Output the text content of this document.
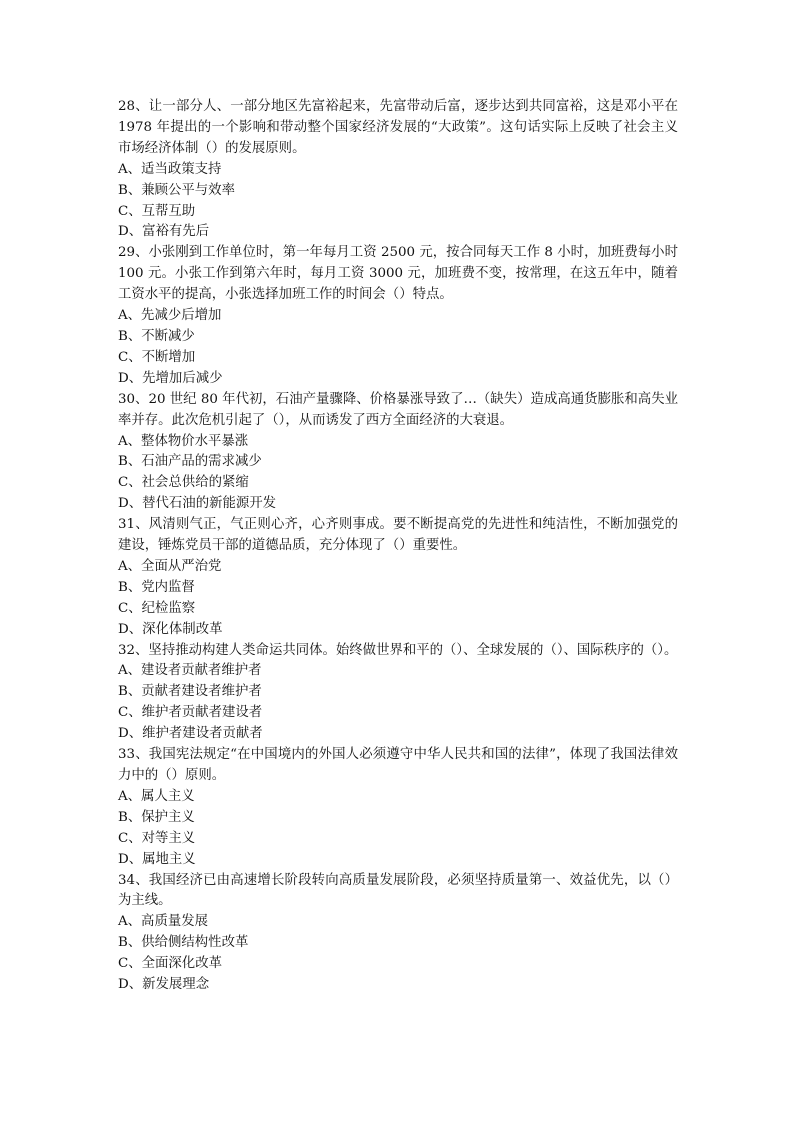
28、让一部分人、一部分地区先富裕起来，先富带动后富，逐步达到共同富裕，这是邓小平在 1978 年提出的一个影响和带动整个国家经济发展的“大政策”。这句话实际上反映了社会主义市场经济体制（）的发展原则。

A、适当政策支持

B、兼顾公平与效率

C、互帮互助

D、富裕有先后

29、小张刚到工作单位时，第一年每月工资 2500 元，按合同每天工作 8 小时，加班费每小时 100 元。小张工作到第六年时，每月工资 3000 元，加班费不变，按常理，在这五年中，随着工资水平的提高，小张选择加班工作的时间会（）特点。

A、先减少后增加

B、不断减少

C、不断增加

D、先增加后减少

30、20 世纪 80 年代初，石油产量骤降、价格暴涨导致了…（缺失）造成高通货膨胀和高失业率并存。此次危机引起了（），从而诱发了西方全面经济的大衰退。

A、整体物价水平暴涨

B、石油产品的需求减少

C、社会总供给的紧缩

D、替代石油的新能源开发

31、风清则气正，气正则心齐，心齐则事成。要不断提高党的先进性和纯洁性，不断加强党的建设，锤炼党员干部的道德品质，充分体现了（）重要性。

A、全面从严治党

B、党内监督

C、纪检监察

D、深化体制改革

32、坚持推动构建人类命运共同体。始终做世界和平的（）、全球发展的（）、国际秩序的（）。

A、建设者贡献者维护者

B、贡献者建设者维护者

C、维护者贡献者建设者

D、维护者建设者贡献者

33、我国宪法规定“在中国境内的外国人必须遵守中华人民共和国的法律”，体现了我国法律效力中的（）原则。

A、属人主义

B、保护主义

C、对等主义

D、属地主义

34、我国经济已由高速增长阶段转向高质量发展阶段，必须坚持质量第一、效益优先，以（）为主线。

A、高质量发展

B、供给侧结构性改革

C、全面深化改革

D、新发展理念
